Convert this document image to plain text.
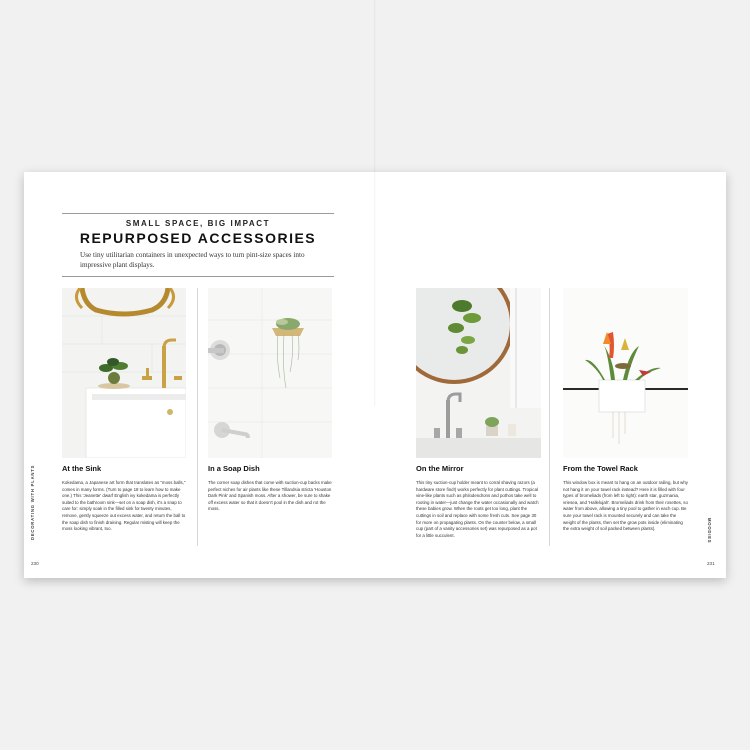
SMALL SPACE, BIG IMPACT
REPURPOSED ACCESSORIES
Use tiny utilitarian containers in unexpected ways to turn pint-size spaces into impressive plant displays.
At the Sink
Kokedama, a Japanese art form that translates as "moss balls," comes in many forms. (Turn to page 18 to learn how to make one.) This 'Jeanette' dwarf English ivy kokedama is perfectly suited to the bathroom sink—set on a soap dish, it's a snap to care for: simply soak in the filled sink for twenty minutes, remove, gently squeeze out excess water, and return the ball to the soap dish to finish draining. Regular misting will keep the moss looking vibrant, too.
In a Soap Dish
The corner soap dishes that come with suction-cup backs make perfect niches for air plants like these Tillandsia stricta 'Houston Dark Pink' and Spanish moss. After a shower, be sure to shake off excess water so that it doesn't pool in the dish and rot the moss.
On the Mirror
This tiny suction-cup holder meant to corral shaving razors (a hardware store find!) works perfectly for plant cuttings. Tropical vine-like plants such as philodendrons and pothos take well to rooting in water—just change the water occasionally and watch these babies grow. When the roots get too long, plant the cuttings in soil and replace with some fresh cuts. See page 30 for more on propagating plants. On the counter below, a small cup (part of a vanity accessories set) was repurposed as a pot for a little succulent.
From the Towel Rack
This window box is meant to hang on an outdoor railing, but why not hang it on your towel rack instead? Here it is filled with four types of bromeliads (from left to right): earth star, guzmania, vriesea, and 'Hallelujah'. Bromeliads drink from their rosettes, so water from above, allowing a tiny pool to gather in each cup. Be sure your towel rack is mounted securely and can take the weight of the plants, then set the grow pots inside (eliminating the extra weight of soil packed between plants).
DECORATING WITH PLANTS	MOODIES
230	231
